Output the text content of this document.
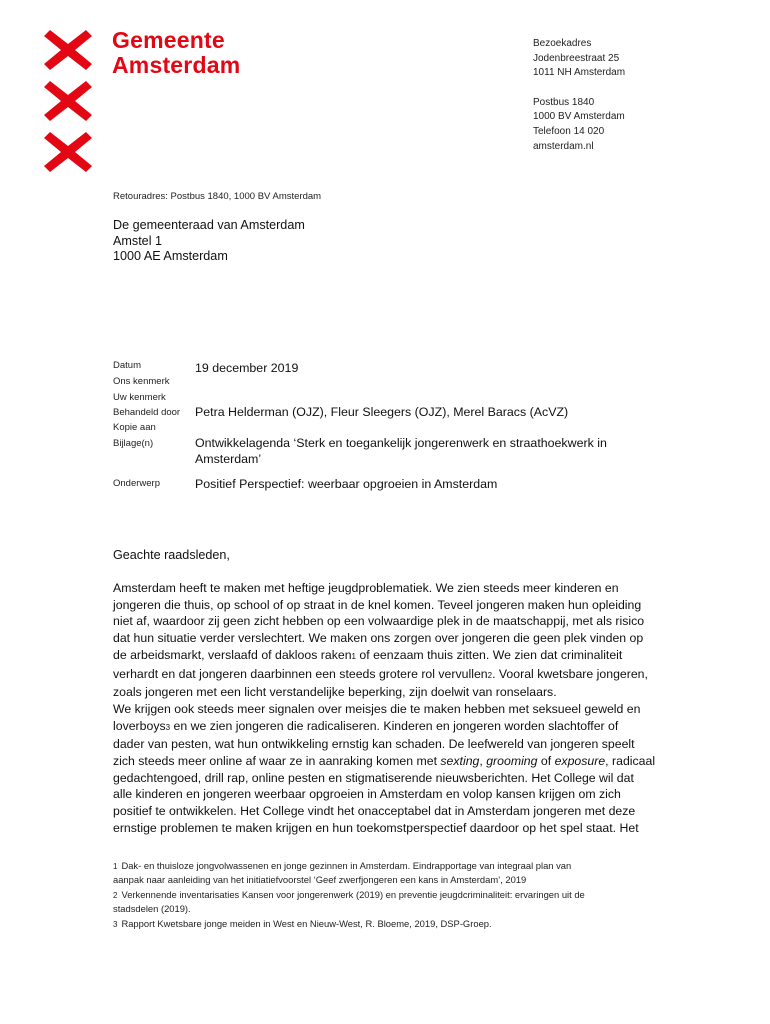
Gemeente
Amsterdam
Bezoekadres
Jodenbreestraat 25
1011 NH Amsterdam
Postbus 1840
1000 BV Amsterdam
Telefoon 14 020
amsterdam.nl
Retouradres: Postbus 1840, 1000 BV Amsterdam
De gemeenteraad van Amsterdam
Amstel 1
1000 AE Amsterdam
Datum
Ons kenmerk
Uw kenmerk
Behandeld door
Kopie aan
Bijlage(n)
Onderwerp
19 december 2019
Petra Helderman (OJZ), Fleur Sleegers (OJZ), Merel Baracs (AcVZ)
Ontwikkelagenda ‘Sterk en toegankelijk jongerenwerk en straathoekwerk in
Amsterdam’
Positief Perspectief: weerbaar opgroeien in Amsterdam
Geachte raadsleden,
Amsterdam heeft te maken met heftige jeugdproblematiek. We zien steeds meer kinderen en
jongeren die thuis, op school of op straat in de knel komen. Teveel jongeren maken hun opleiding
niet af, waardoor zij geen zicht hebben op een volwaardige plek in de maatschappij, met als risico
dat hun situatie verder verslechtert. We maken ons zorgen over jongeren die geen plek vinden op
de arbeidsmarkt, verslaafd of dakloos raken1 of eenzaam thuis zitten. We zien dat criminaliteit
verhardt en dat jongeren daarbinnen een steeds grotere rol vervullen2. Vooral kwetsbare jongeren,
zoals jongeren met een licht verstandelijke beperking, zijn doelwit van ronselaars.
We krijgen ook steeds meer signalen over meisjes die te maken hebben met seksueel geweld en
loverboys3 en we zien jongeren die radicaliseren. Kinderen en jongeren worden slachtoffer of
dader van pesten, wat hun ontwikkeling ernstig kan schaden. De leefwereld van jongeren speelt
zich steeds meer online af waar ze in aanraking komen met sexting, grooming of exposure, radicaal
gedachtengoed, drill rap, online pesten en stigmatiserende nieuwsberichten. Het College wil dat
alle kinderen en jongeren weerbaar opgroeien in Amsterdam en volop kansen krijgen om zich
positief te ontwikkelen. Het College vindt het onacceptabel dat in Amsterdam jongeren met deze
ernstige problemen te maken krijgen en hun toekomstperspectief daardoor op het spel staat. Het
1 Dak- en thuisloze jongvolwassenen en jonge gezinnen in Amsterdam. Eindrapportage van integraal plan van
aanpak naar aanleiding van het initiatiefvoorstel ‘Geef zwerfjongeren een kans in Amsterdam’, 2019
2 Verkennende inventarisaties Kansen voor jongerenwerk (2019) en preventie jeugdcriminaliteit: ervaringen uit de
stadsdelen (2019).
3 Rapport Kwetsbare jonge meiden in West en Nieuw-West, R. Bloeme, 2019, DSP-Groep.
